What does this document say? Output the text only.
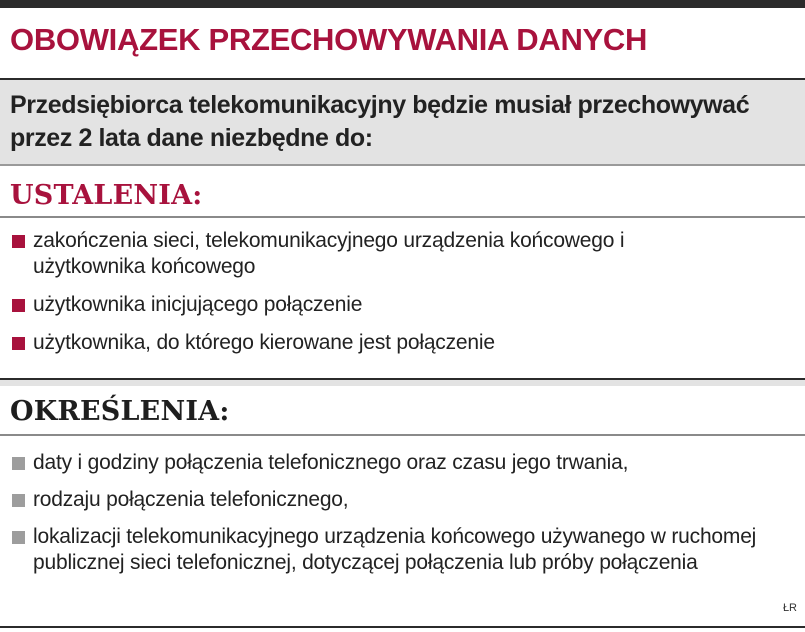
OBOWIĄZEK PRZECHOWYWANIA DANYCH
Przedsiębiorca telekomunikacyjny będzie musiał przechowywać przez 2 lata dane niezbędne do:
USTALENIA:
zakończenia sieci, telekomunikacyjnego urządzenia końcowego i użytkownika końcowego
użytkownika inicjującego połączenie
użytkownika, do którego kierowane jest połączenie
OKREŚLENIA:
daty i godziny połączenia telefonicznego oraz czasu jego trwania,
rodzaju połączenia telefonicznego,
lokalizacji telekomunikacyjnego urządzenia końcowego używanego w ruchomej publicznej sieci telefonicznej, dotyczącej połączenia lub próby połączenia
ŁR
